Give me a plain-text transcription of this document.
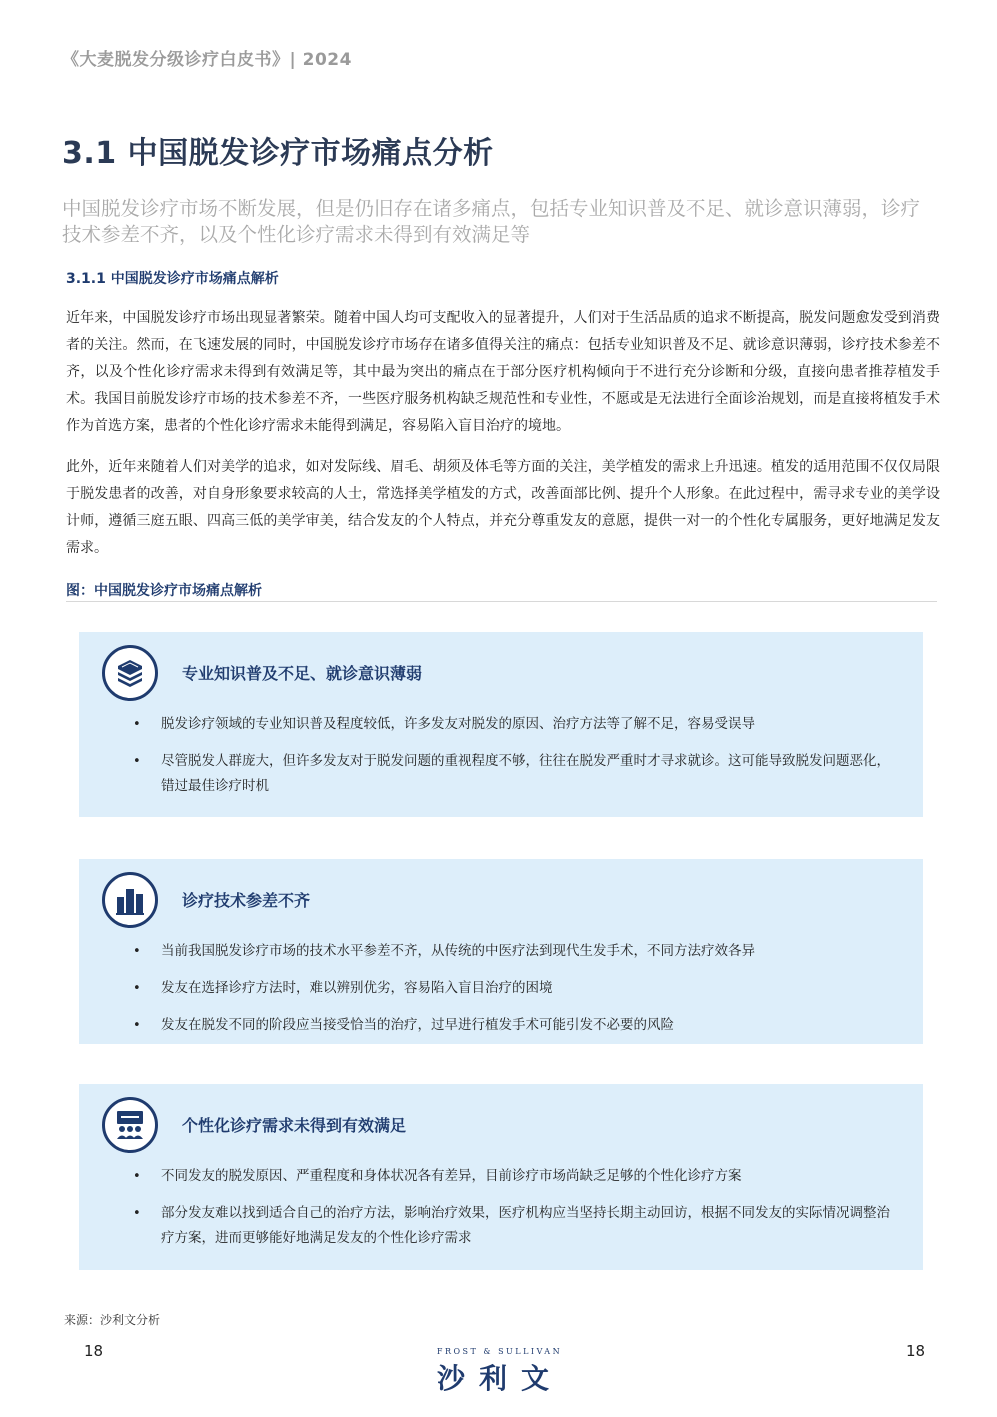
《大麦脱发分级诊疗白皮书》| 2024
3.1 中国脱发诊疗市场痛点分析
中国脱发诊疗市场不断发展，但是仍旧存在诸多痛点，包括专业知识普及不足、就诊意识薄弱，诊疗技术参差不齐，以及个性化诊疗需求未得到有效满足等
3.1.1 中国脱发诊疗市场痛点解析
近年来，中国脱发诊疗市场出现显著繁荣。随着中国人均可支配收入的显著提升，人们对于生活品质的追求不断提高，脱发问题愈发受到消费者的关注。然而，在飞速发展的同时，中国脱发诊疗市场存在诸多值得关注的痛点：包括专业知识普及不足、就诊意识薄弱，诊疗技术参差不齐，以及个性化诊疗需求未得到有效满足等，其中最为突出的痛点在于部分医疗机构倾向于不进行充分诊断和分级，直接向患者推荐植发手术。我国目前脱发诊疗市场的技术参差不齐，一些医疗服务机构缺乏规范性和专业性，不愿或是无法进行全面诊治规划，而是直接将植发手术作为首选方案，患者的个性化诊疗需求未能得到满足，容易陷入盲目治疗的境地。
此外，近年来随着人们对美学的追求，如对发际线、眉毛、胡须及体毛等方面的关注，美学植发的需求上升迅速。植发的适用范围不仅仅局限于脱发患者的改善，对自身形象要求较高的人士，常选择美学植发的方式，改善面部比例、提升个人形象。在此过程中，需寻求专业的美学设计师，遵循三庭五眼、四高三低的美学审美，结合发友的个人特点，并充分尊重发友的意愿，提供一对一的个性化专属服务，更好地满足发友需求。
图：中国脱发诊疗市场痛点解析
专业知识普及不足、就诊意识薄弱
• 脱发诊疗领域的专业知识普及程度较低，许多发友对脱发的原因、治疗方法等了解不足，容易受误导
• 尽管脱发人群庞大，但许多发友对于脱发问题的重视程度不够，往往在脱发严重时才寻求就诊。这可能导致脱发问题恶化，错过最佳诊疗时机
诊疗技术参差不齐
• 当前我国脱发诊疗市场的技术水平参差不齐，从传统的中医疗法到现代生发手术，不同方法疗效各异
• 发友在选择诊疗方法时，难以辨别优劣，容易陷入盲目治疗的困境
• 发友在脱发不同的阶段应当接受恰当的治疗，过早进行植发手术可能引发不必要的风险
个性化诊疗需求未得到有效满足
• 不同发友的脱发原因、严重程度和身体状况各有差异，目前诊疗市场尚缺乏足够的个性化诊疗方案
• 部分发友难以找到适合自己的治疗方法，影响治疗效果，医疗机构应当坚持长期主动回访，根据不同发友的实际情况调整治疗方案，进而更够能好地满足发友的个性化诊疗需求
来源：沙利文分析
18	18
FROST & SULLIVAN
沙利文
